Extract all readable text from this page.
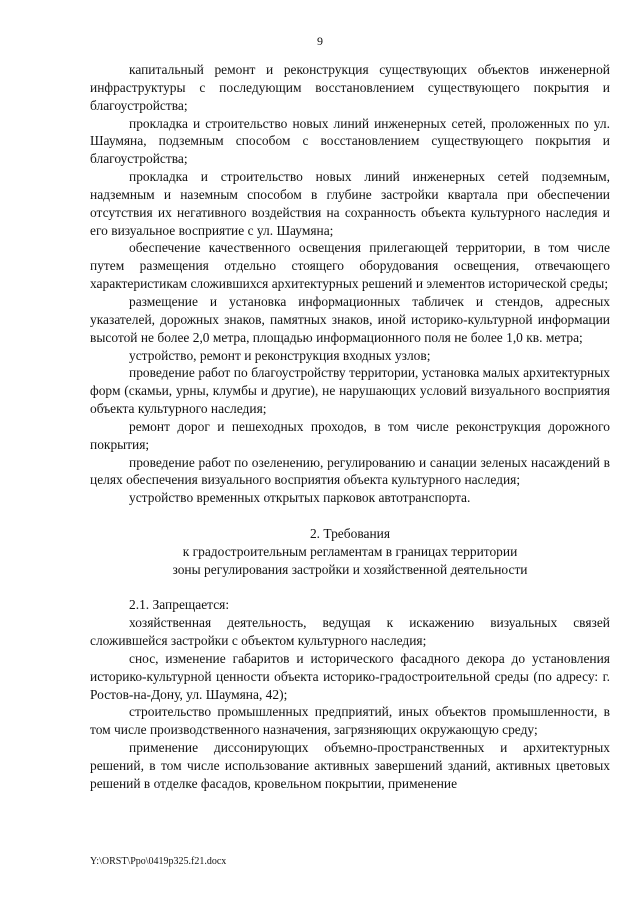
9

капитальный ремонт и реконструкция существующих объектов инженерной инфраструктуры с последующим восстановлением существующего покрытия и благоустройства;

прокладка и строительство новых линий инженерных сетей, проложенных по ул. Шаумяна, подземным способом с восстановлением существующего покрытия и благоустройства;

прокладка и строительство новых линий инженерных сетей подземным, надземным и наземным способом в глубине застройки квартала при обеспечении отсутствия их негативного воздействия на сохранность объекта культурного наследия и его визуальное восприятие с ул. Шаумяна;

обеспечение качественного освещения прилегающей территории, в том числе путем размещения отдельно стоящего оборудования освещения, отвечающего характеристикам сложившихся архитектурных решений и элементов исторической среды;

размещение и установка информационных табличек и стендов, адресных указателей, дорожных знаков, памятных знаков, иной историко-культурной информации высотой не более 2,0 метра, площадью информационного поля не более 1,0 кв. метра;

устройство, ремонт и реконструкция входных узлов;

проведение работ по благоустройству территории, установка малых архитектурных форм (скамьи, урны, клумбы и другие), не нарушающих условий визуального восприятия объекта культурного наследия;

ремонт дорог и пешеходных проходов, в том числе реконструкция дорожного покрытия;

проведение работ по озеленению, регулированию и санации зеленых насаждений в целях обеспечения визуального восприятия объекта культурного наследия;

устройство временных открытых парковок автотранспорта.

2. Требования

к градостроительным регламентам в границах территории

зоны регулирования застройки и хозяйственной деятельности

2.1. Запрещается:

хозяйственная деятельность, ведущая к искажению визуальных связей сложившейся застройки с объектом культурного наследия;

снос, изменение габаритов и исторического фасадного декора до установления историко-культурной ценности объекта историко-градостроительной среды (по адресу: г. Ростов-на-Дону, ул. Шаумяна, 42);

строительство промышленных предприятий, иных объектов промышленности, в том числе производственного назначения, загрязняющих окружающую среду;

применение диссонирующих объемно-пространственных и архитектурных решений, в том числе использование активных завершений зданий, активных цветовых решений в отделке фасадов, кровельном покрытии, применение

Y:\ORST\Ppo\0419p325.f21.docx
